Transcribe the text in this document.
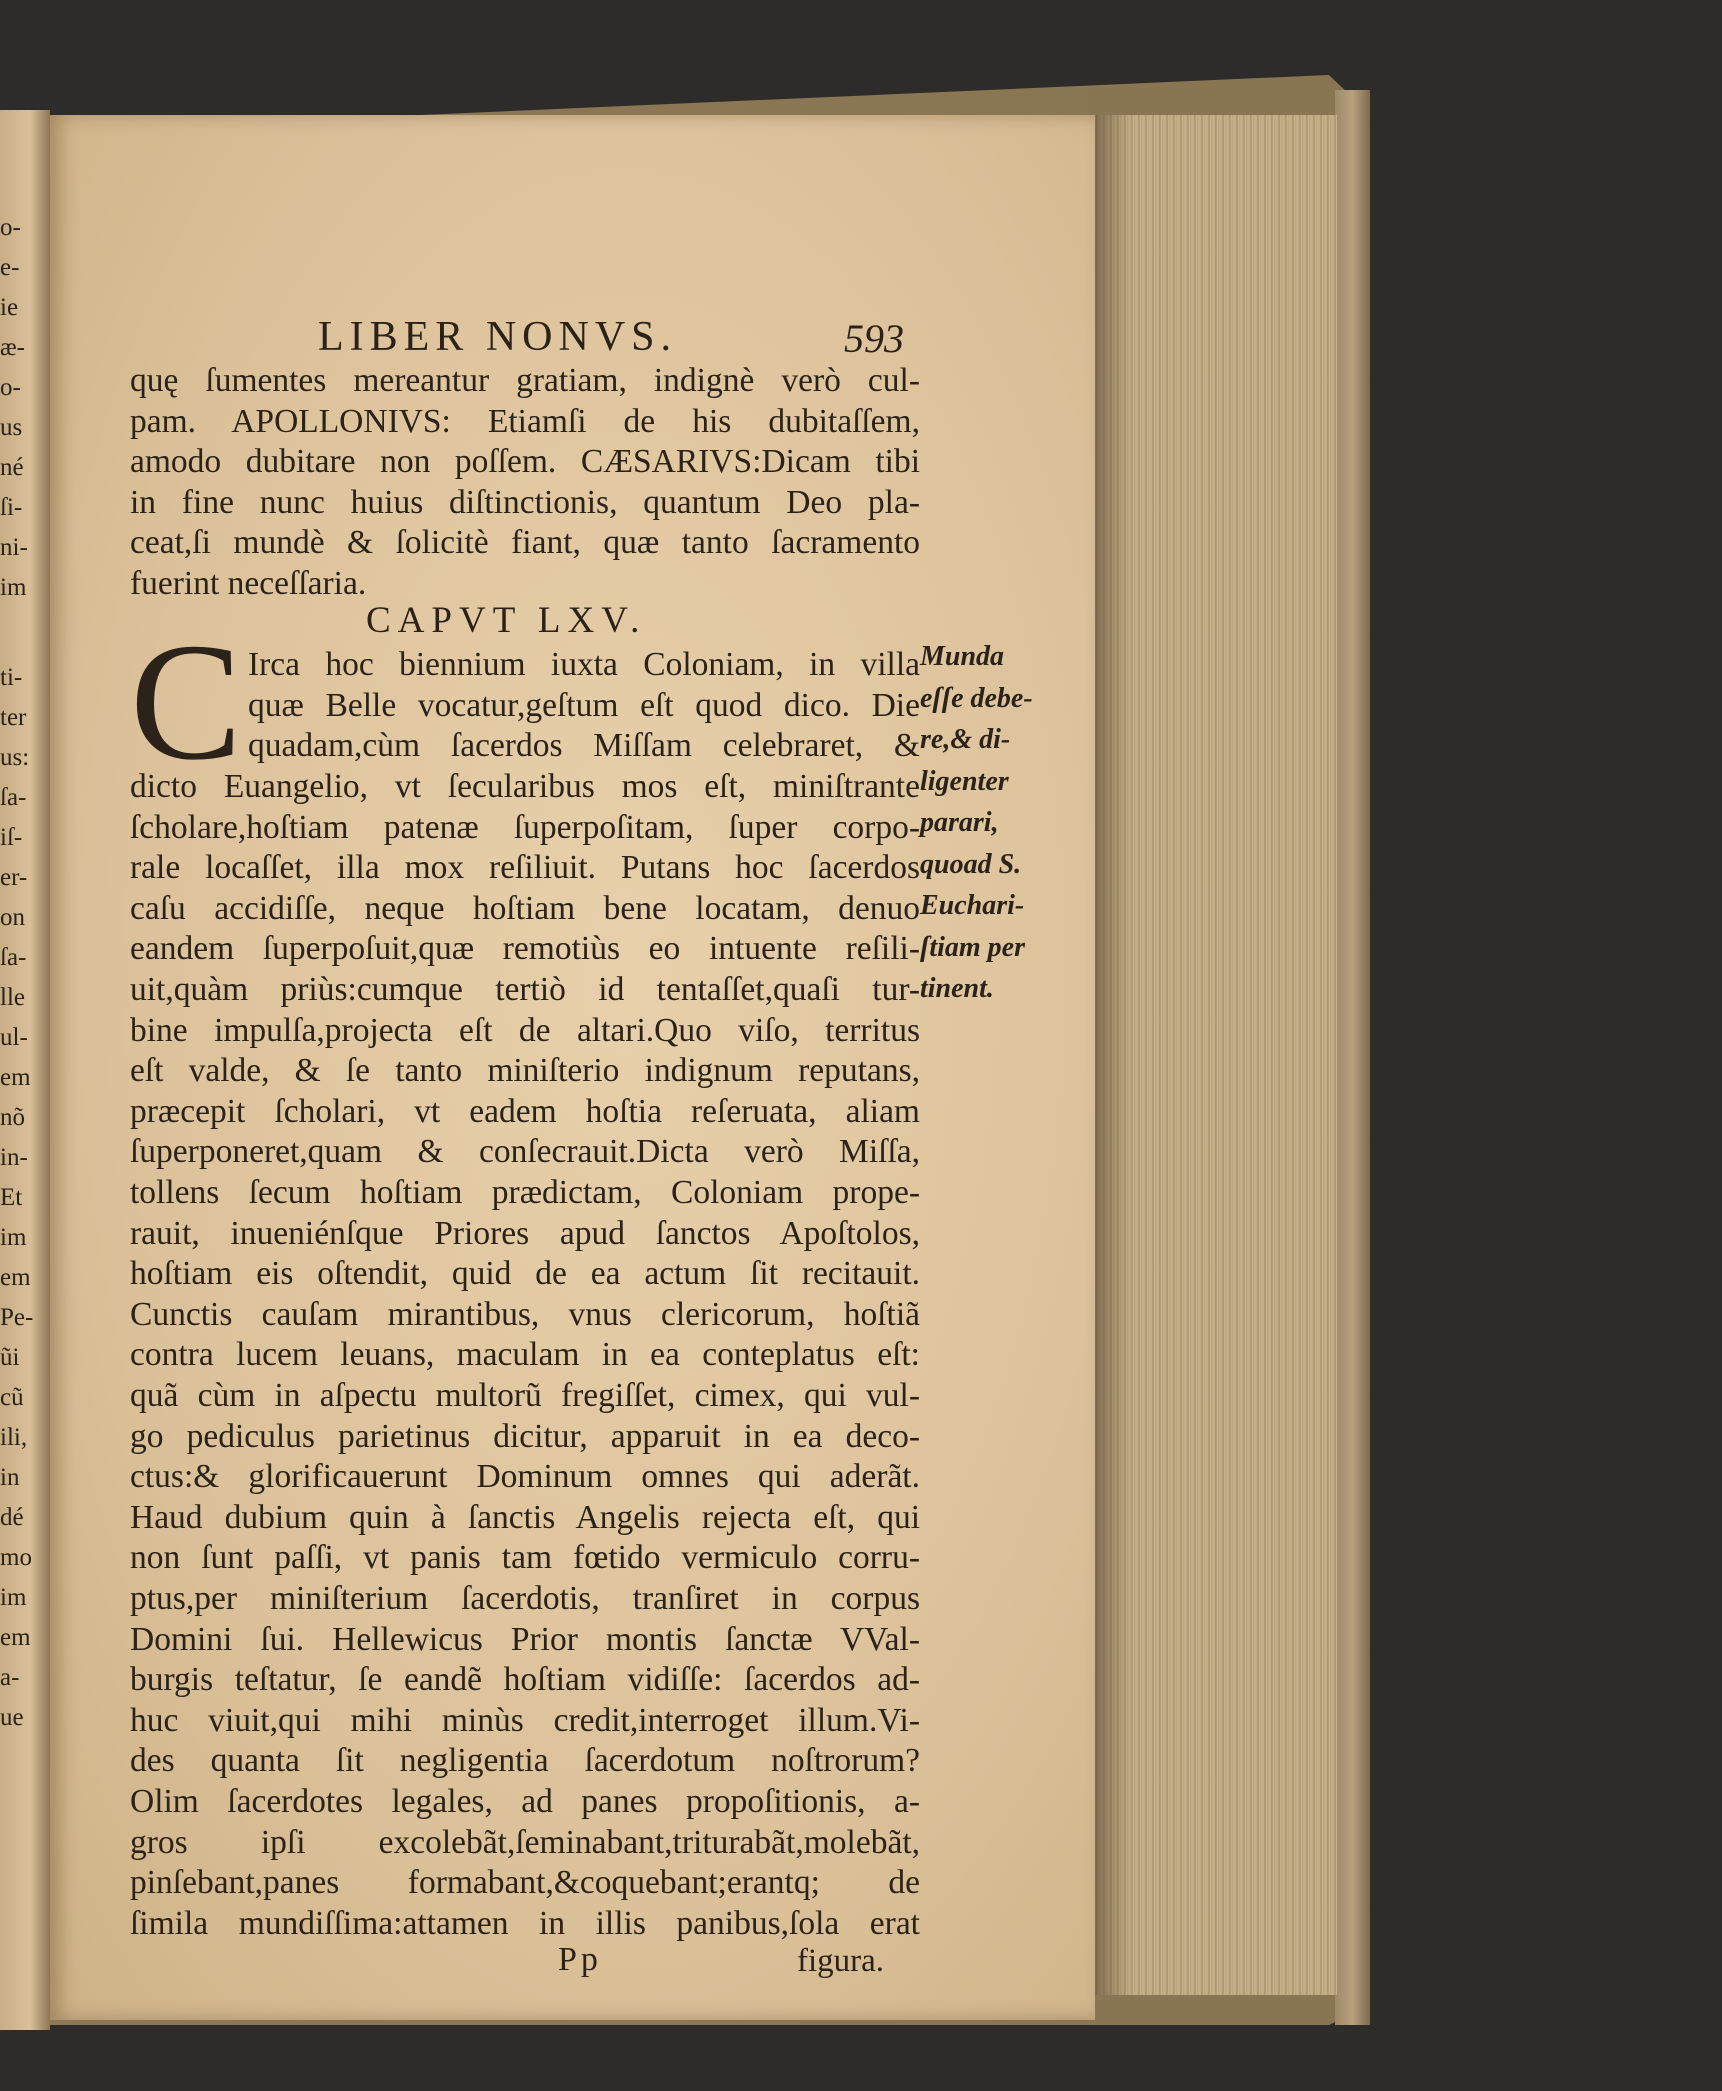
o-
e-
ie
æ-
o-
us
né
ſi-
ni-
im
ti-
ter
us:
ſa-
iſ-
er-
on
ſa-
lle
ul-
em
nõ
in-
Et
im
em
Pe-
ũi
cũ
ili,
in
dé
mo
im
em
a-
ue
LIBER NONVS.	593
quę ſumentes mereantur gratiam, indignè verò cul-
pam. APOLLONIVS: Etiamſi de his dubitaſſem,
amodo dubitare non poſſem. CÆSARIVS:Dicam tibi
in fine nunc huius diſtinctionis, quantum Deo pla-
ceat,ſi mundè & ſolicitè fiant, quæ tanto ſacramento
fuerint neceſſaria.
Irca hoc biennium iuxta Coloniam, in villa
quæ Belle vocatur,geſtum eſt quod dico. Die
quadam,cùm ſacerdos Miſſam celebraret, &
dicto Euangelio, vt ſecularibus mos eſt, miniſtrante
ſcholare,hoſtiam patenæ ſuperpoſitam, ſuper corpo-
rale locaſſet, illa mox reſiliuit. Putans hoc ſacerdos
caſu accidiſſe, neque hoſtiam bene locatam, denuo
eandem ſuperpoſuit,quæ remotiùs eo intuente reſili-
uit,quàm priùs:cumque tertiò id tentaſſet,quaſi tur-
bine impulſa,projecta eſt de altari.Quo viſo, territus
eſt valde, & ſe tanto miniſterio indignum reputans,
præcepit ſcholari, vt eadem hoſtia reſeruata, aliam
ſuperponeret,quam & conſecrauit.Dicta verò Miſſa,
tollens ſecum hoſtiam prædictam, Coloniam prope-
rauit, inueniénſque Priores apud ſanctos Apoſtolos,
hoſtiam eis oſtendit, quid de ea actum ſit recitauit.
Cunctis cauſam mirantibus, vnus clericorum, hoſtiã
contra lucem leuans, maculam in ea conteplatus eſt:
quã cùm in aſpectu multorũ fregiſſet, cimex, qui vul-
go pediculus parietinus dicitur, apparuit in ea deco-
ctus:& glorificauerunt Dominum omnes qui aderãt.
Haud dubium quin à ſanctis Angelis rejecta eſt, qui
non ſunt paſſi, vt panis tam fœtido vermiculo corru-
ptus,per miniſterium ſacerdotis, tranſiret in corpus
Domini ſui. Hellewicus Prior montis ſanctæ VVal-
burgis teſtatur, ſe eandẽ hoſtiam vidiſſe: ſacerdos ad-
huc viuit,qui mihi minùs credit,interroget illum.Vi-
des quanta ſit negligentia ſacerdotum noſtrorum?
Olim ſacerdotes legales, ad panes propoſitionis, a-
gros ipſi excolebãt,ſeminabant,triturabãt,molebãt,
pinſebant,panes formabant,&coquebant;erantq; de
ſimila mundiſſima:attamen in illis panibus,ſola erat
CAPVT LXV.
C	Munda
eſſe debe-
re,& di-
ligenter
parari,
quoad S.
Euchari-
ſtiam per
tinent.
Pp	figura.
